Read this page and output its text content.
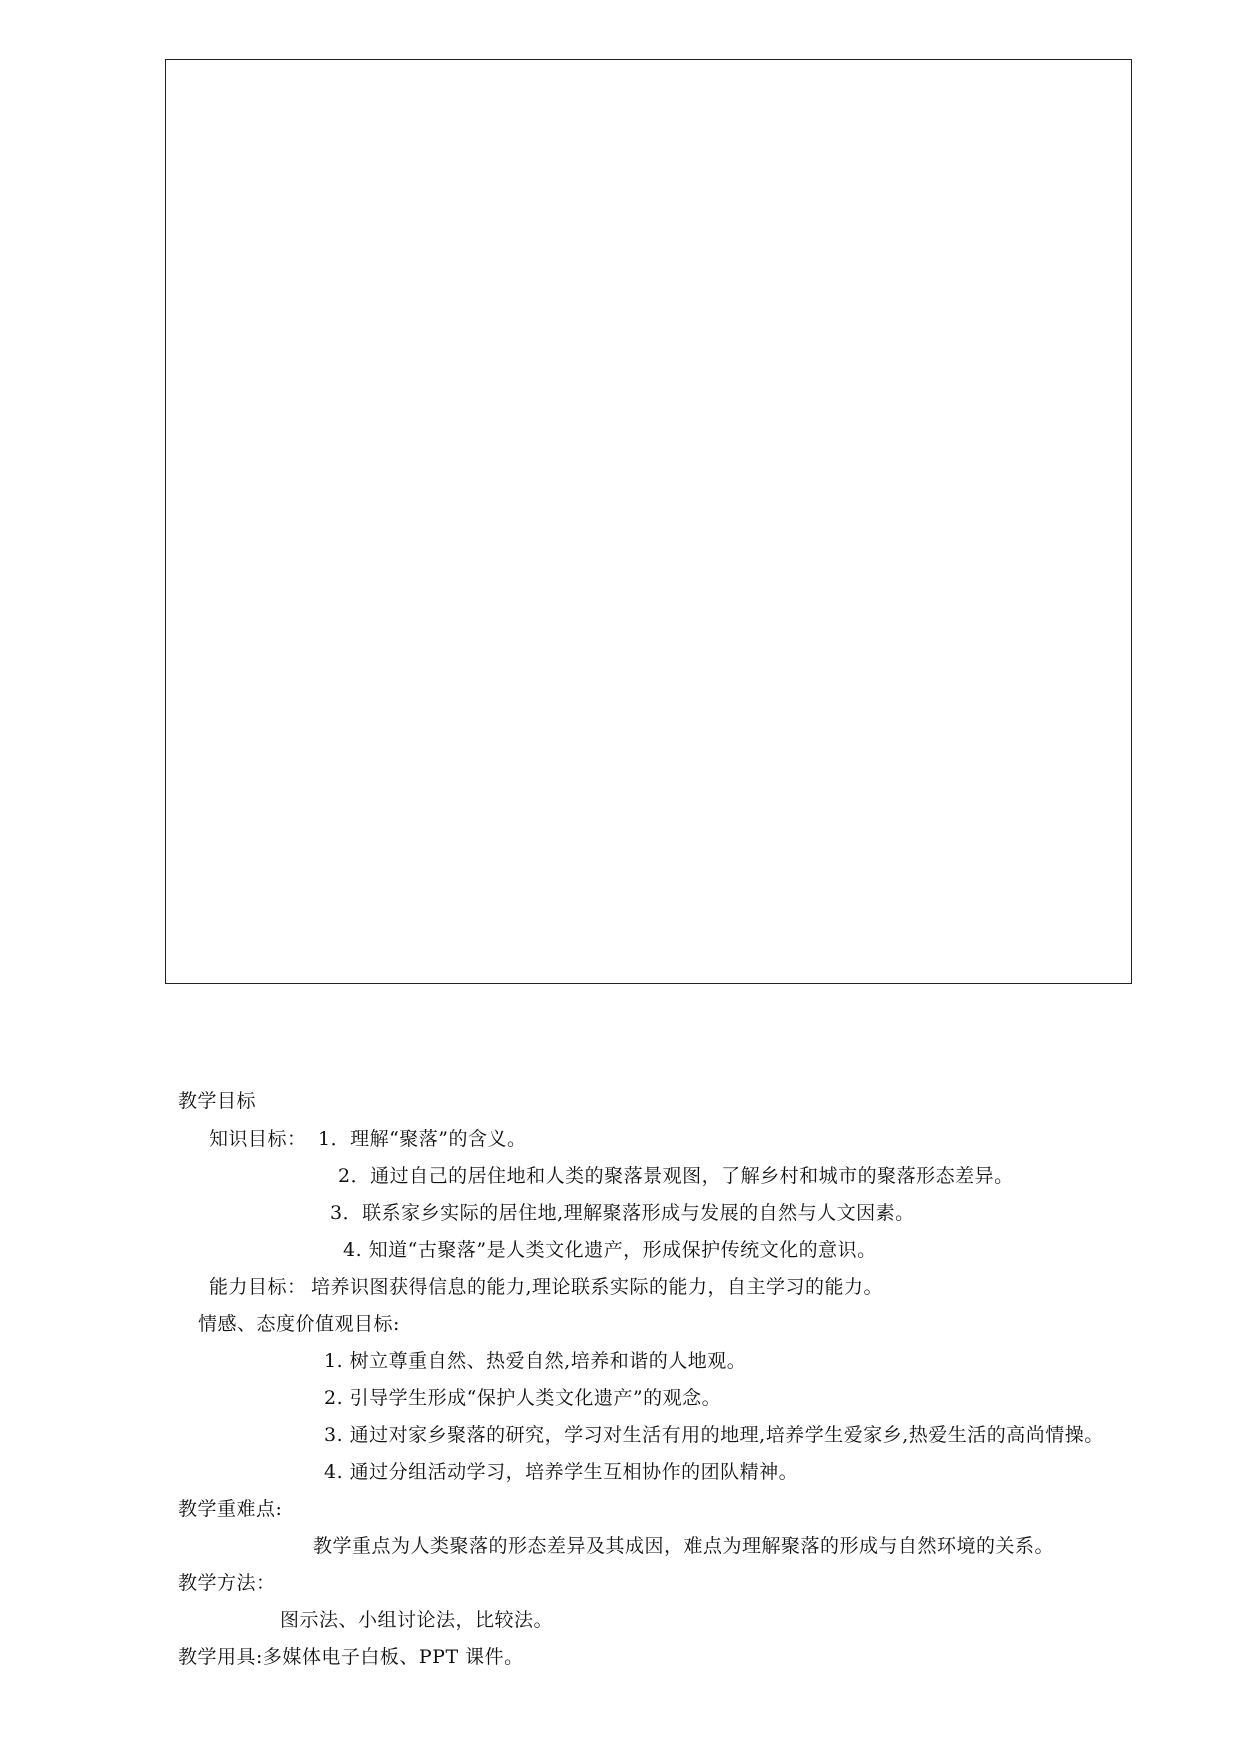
教学目标
知识目标： 1．理解“聚落”的含义。
2．通过自己的居住地和人类的聚落景观图，了解乡村和城市的聚落形态差异。
3．联系家乡实际的居住地,理解聚落形成与发展的自然与人文因素。
4. 知道“古聚落”是人类文化遗产，形成保护传统文化的意识。
能力目标： 培养识图获得信息的能力,理论联系实际的能力，自主学习的能力。
情感、态度价值观目标:
1. 树立尊重自然、热爱自然,培养和谐的人地观。
2. 引导学生形成“保护人类文化遗产”的观念。
3. 通过对家乡聚落的研究，学习对生活有用的地理,培养学生爱家乡,热爱生活的高尚情操。
4. 通过分组活动学习，培养学生互相协作的团队精神。
教学重难点:
教学重点为人类聚落的形态差异及其成因，难点为理解聚落的形成与自然环境的关系。
教学方法：
图示法、小组讨论法，比较法。
教学用具:多媒体电子白板、PPT 课件。
